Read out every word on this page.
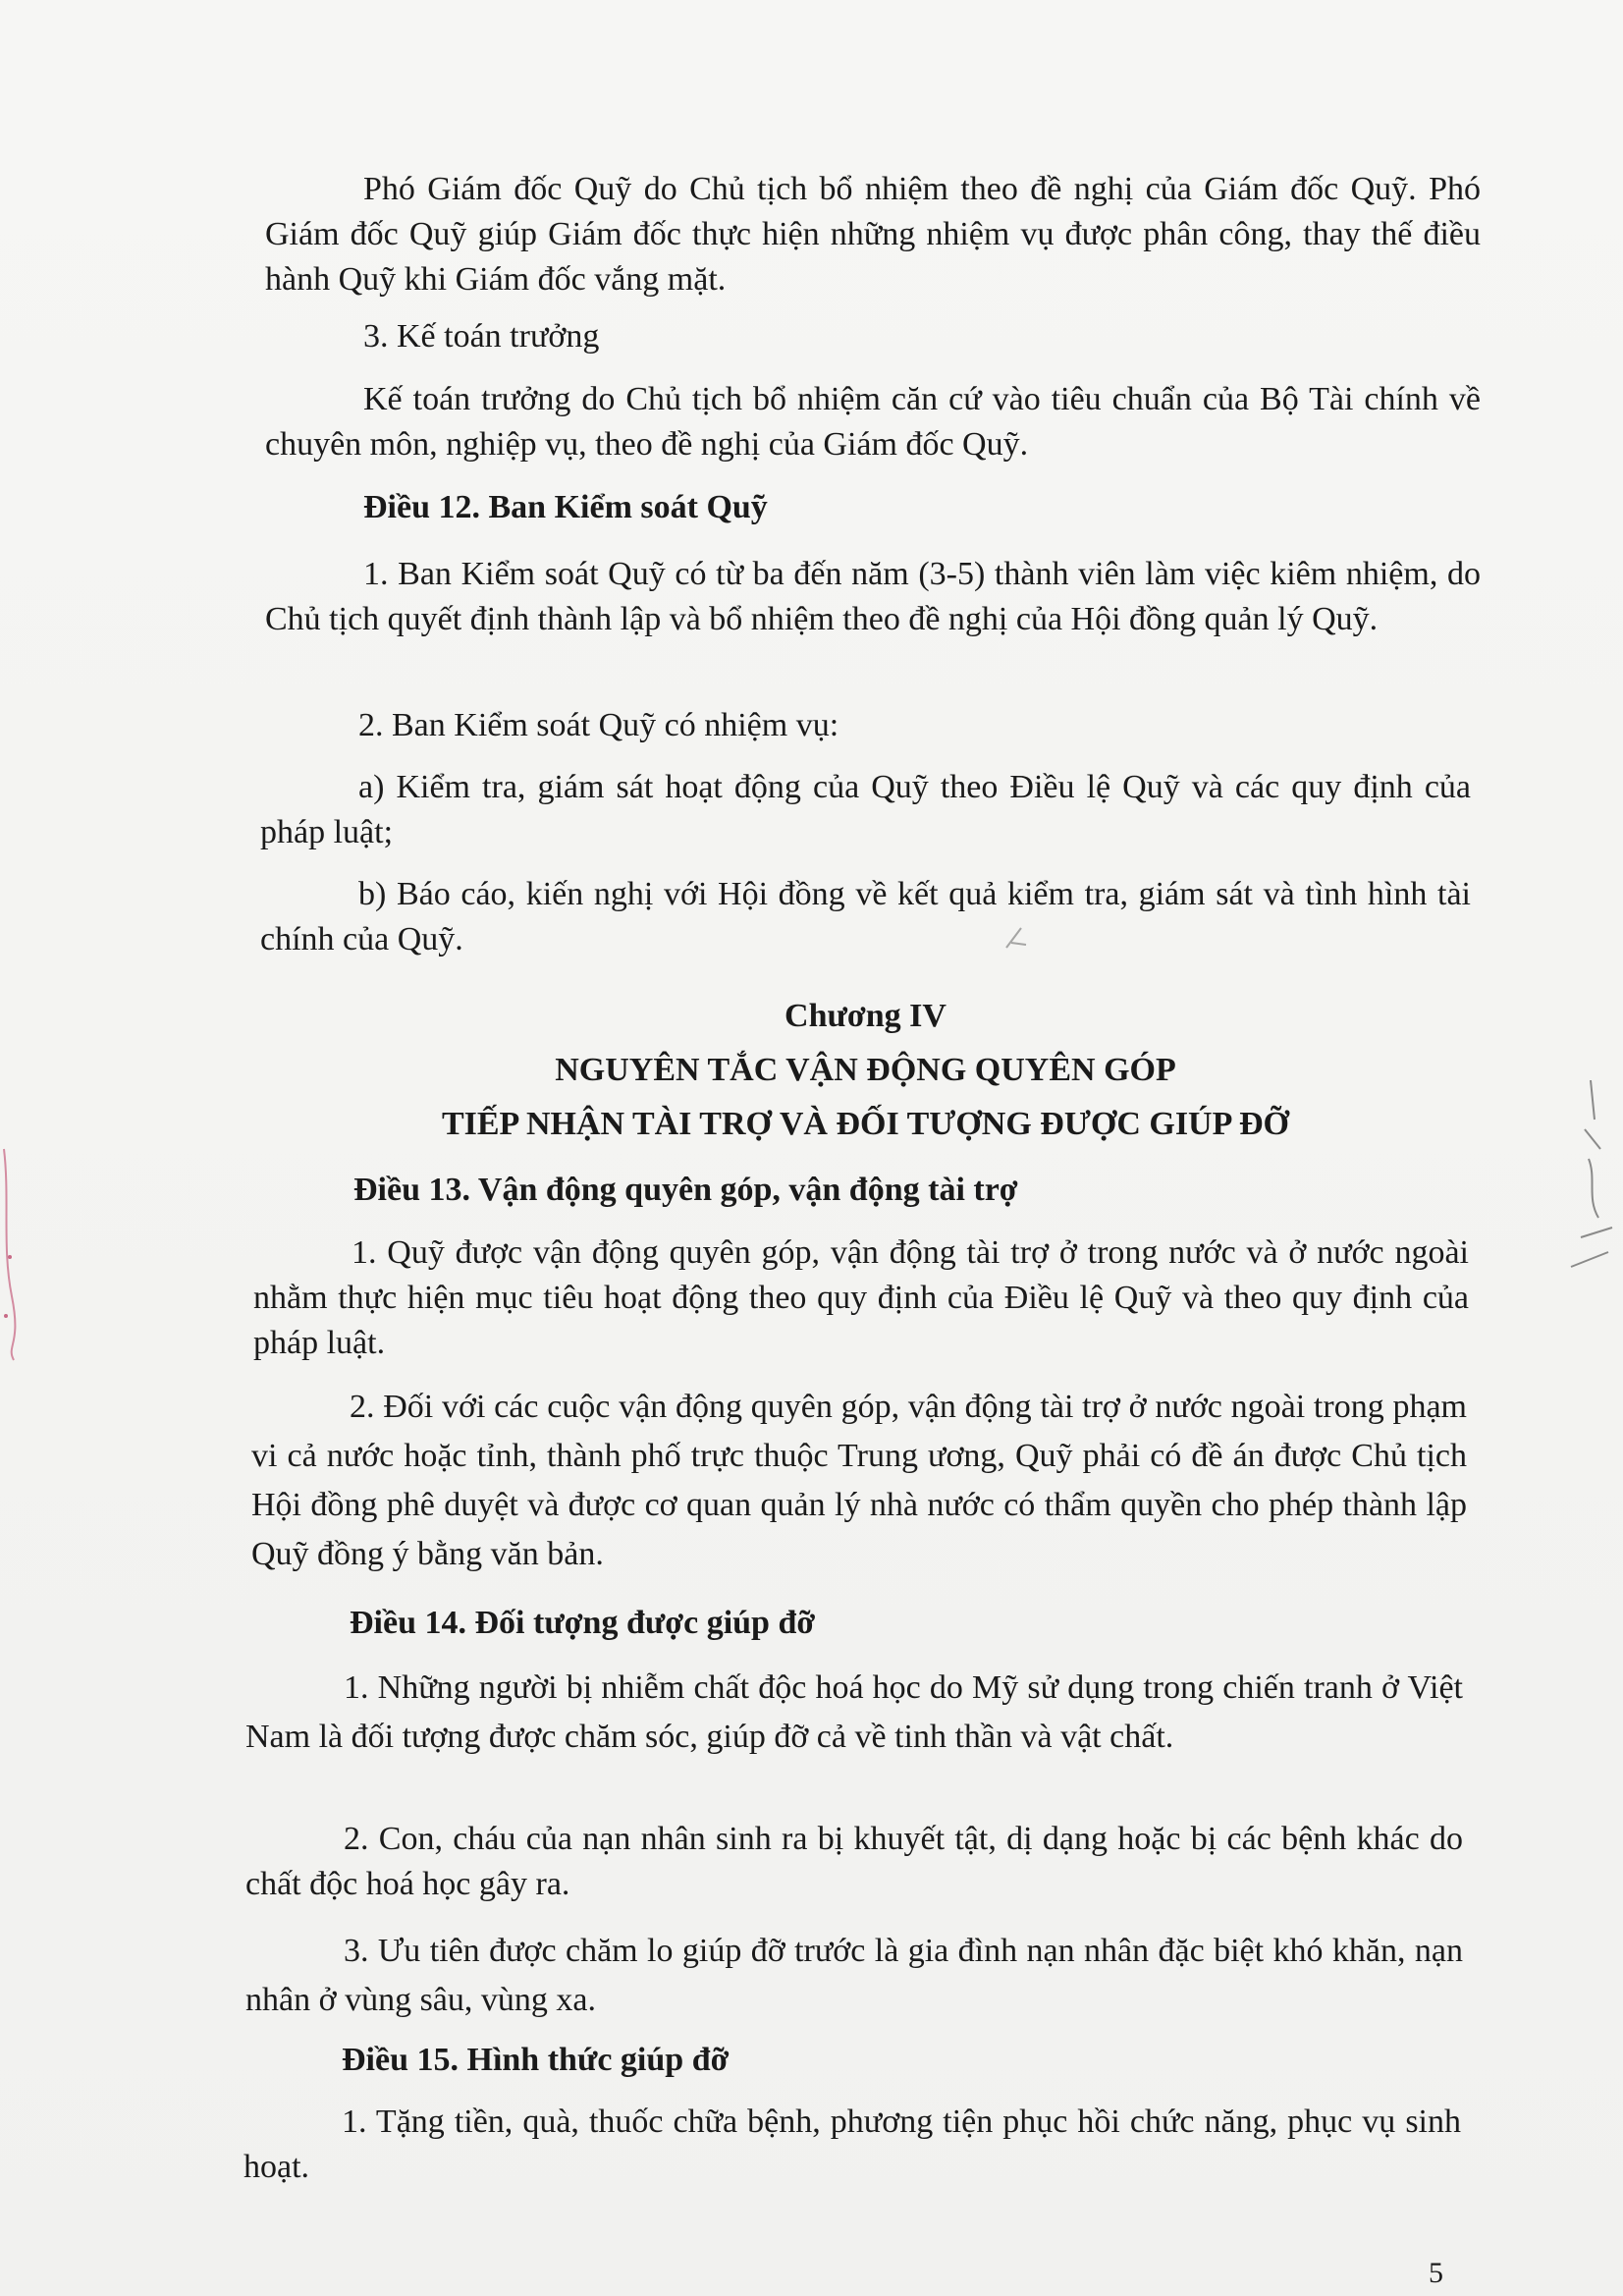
Phó Giám đốc Quỹ do Chủ tịch bổ nhiệm theo đề nghị của Giám đốc Quỹ. Phó Giám đốc Quỹ giúp Giám đốc thực hiện những nhiệm vụ được phân công, thay thế điều hành Quỹ khi Giám đốc vắng mặt.
3. Kế toán trưởng
Kế toán trưởng do Chủ tịch bổ nhiệm căn cứ vào tiêu chuẩn của Bộ Tài chính về chuyên môn, nghiệp vụ, theo đề nghị của Giám đốc Quỹ.
Điều 12. Ban Kiểm soát Quỹ
1. Ban Kiểm soát Quỹ có từ ba đến năm (3-5) thành viên làm việc kiêm nhiệm, do Chủ tịch quyết định thành lập và bổ nhiệm theo đề nghị của Hội đồng quản lý Quỹ.
2. Ban Kiểm soát Quỹ có nhiệm vụ:
a) Kiểm tra, giám sát hoạt động của Quỹ theo Điều lệ Quỹ và các quy định của pháp luật;
b) Báo cáo, kiến nghị với Hội đồng về kết quả kiểm tra, giám sát và tình hình tài chính của Quỹ.
Chương IV
NGUYÊN TẮC VẬN ĐỘNG QUYÊN GÓP
TIẾP NHẬN TÀI TRỢ VÀ ĐỐI TƯỢNG ĐƯỢC GIÚP ĐỠ
Điều 13. Vận động quyên góp, vận động tài trợ
1. Quỹ được vận động quyên góp, vận động tài trợ ở trong nước và ở nước ngoài nhằm thực hiện mục tiêu hoạt động theo quy định của Điều lệ Quỹ và theo quy định của pháp luật.
2. Đối với các cuộc vận động quyên góp, vận động tài trợ ở nước ngoài trong phạm vi cả nước hoặc tỉnh, thành phố trực thuộc Trung ương, Quỹ phải có đề án được Chủ tịch Hội đồng phê duyệt và được cơ quan quản lý nhà nước có thẩm quyền cho phép thành lập Quỹ đồng ý bằng văn bản.
Điều 14. Đối tượng được giúp đỡ
1. Những người bị nhiễm chất độc hoá học do Mỹ sử dụng trong chiến tranh ở Việt Nam là đối tượng được chăm sóc, giúp đỡ cả về tinh thần và vật chất.
2. Con, cháu của nạn nhân sinh ra bị khuyết tật, dị dạng hoặc bị các bệnh khác do chất độc hoá học gây ra.
3. Ưu tiên được chăm lo giúp đỡ trước là gia đình nạn nhân đặc biệt khó khăn, nạn nhân ở vùng sâu, vùng xa.
Điều 15. Hình thức giúp đỡ
1. Tặng tiền, quà, thuốc chữa bệnh, phương tiện phục hồi chức năng, phục vụ sinh hoạt.
5
